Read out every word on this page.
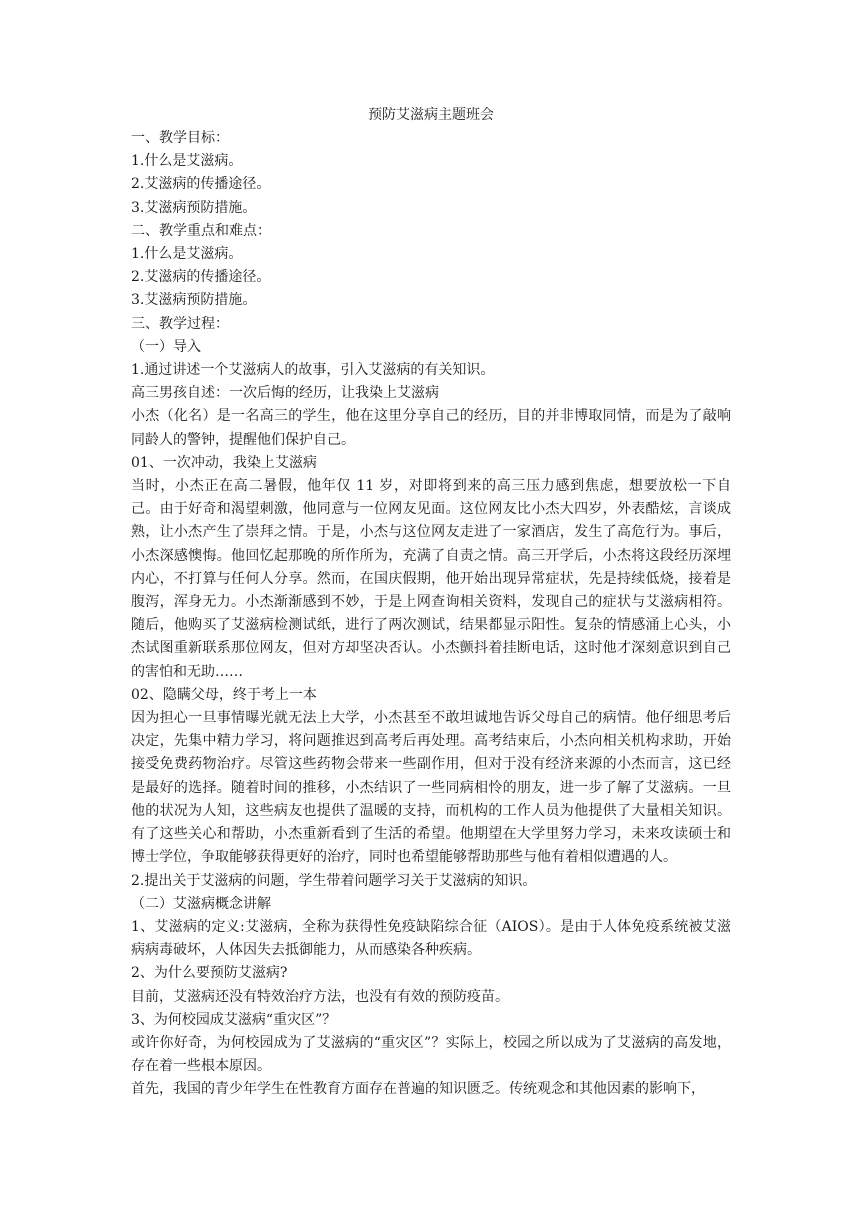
预防艾滋病主题班会

一、教学目标：

1.什么是艾滋病。

2.艾滋病的传播途径。

3.艾滋病预防措施。

二、教学重点和难点：

1.什么是艾滋病。

2.艾滋病的传播途径。

3.艾滋病预防措施。

三、教学过程：

（一）导入

1.通过讲述一个艾滋病人的故事，引入艾滋病的有关知识。

高三男孩自述：一次后悔的经历，让我染上艾滋病

小杰（化名）是一名高三的学生，他在这里分享自己的经历，目的并非博取同情，而是为了敲响同龄人的警钟，提醒他们保护自己。

01、一次冲动，我染上艾滋病

当时，小杰正在高二暑假，他年仅 11 岁，对即将到来的高三压力感到焦虑，想要放松一下自己。由于好奇和渴望刺激，他同意与一位网友见面。这位网友比小杰大四岁，外表酷炫，言谈成熟，让小杰产生了崇拜之情。于是，小杰与这位网友走进了一家酒店，发生了高危行为。事后，小杰深感懊悔。他回忆起那晚的所作所为，充满了自责之情。高三开学后，小杰将这段经历深埋内心，不打算与任何人分享。然而，在国庆假期，他开始出现异常症状，先是持续低烧，接着是腹泻，浑身无力。小杰渐渐感到不妙，于是上网查询相关资料，发现自己的症状与艾滋病相符。随后，他购买了艾滋病检测试纸，进行了两次测试，结果都显示阳性。复杂的情感涌上心头，小杰试图重新联系那位网友，但对方却坚决否认。小杰颤抖着挂断电话，这时他才深刻意识到自己的害怕和无助……

02、隐瞒父母，终于考上一本

因为担心一旦事情曝光就无法上大学，小杰甚至不敢坦诚地告诉父母自己的病情。他仔细思考后决定，先集中精力学习，将问题推迟到高考后再处理。高考结束后，小杰向相关机构求助，开始接受免费药物治疗。尽管这些药物会带来一些副作用，但对于没有经济来源的小杰而言，这已经是最好的选择。随着时间的推移，小杰结识了一些同病相怜的朋友，进一步了解了艾滋病。一旦他的状况为人知，这些病友也提供了温暖的支持，而机构的工作人员为他提供了大量相关知识。有了这些关心和帮助，小杰重新看到了生活的希望。他期望在大学里努力学习，未来攻读硕士和博士学位，争取能够获得更好的治疗，同时也希望能够帮助那些与他有着相似遭遇的人。

2.提出关于艾滋病的问题，学生带着问题学习关于艾滋病的知识。

（二）艾滋病概念讲解

1、艾滋病的定义:艾滋病，全称为获得性免疫缺陷综合征（AIOS）。是由于人体免疫系统被艾滋病病毒破坏，人体因失去抵御能力，从而感染各种疾病。

2、为什么要预防艾滋病?

目前，艾滋病还没有特效治疗方法，也没有有效的预防疫苗。

3、为何校园成艾滋病“重灾区”？

或许你好奇，为何校园成为了艾滋病的“重灾区”？实际上，校园之所以成为了艾滋病的高发地，存在着一些根本原因。

首先，我国的青少年学生在性教育方面存在普遍的知识匮乏。传统观念和其他因素的影响下，
